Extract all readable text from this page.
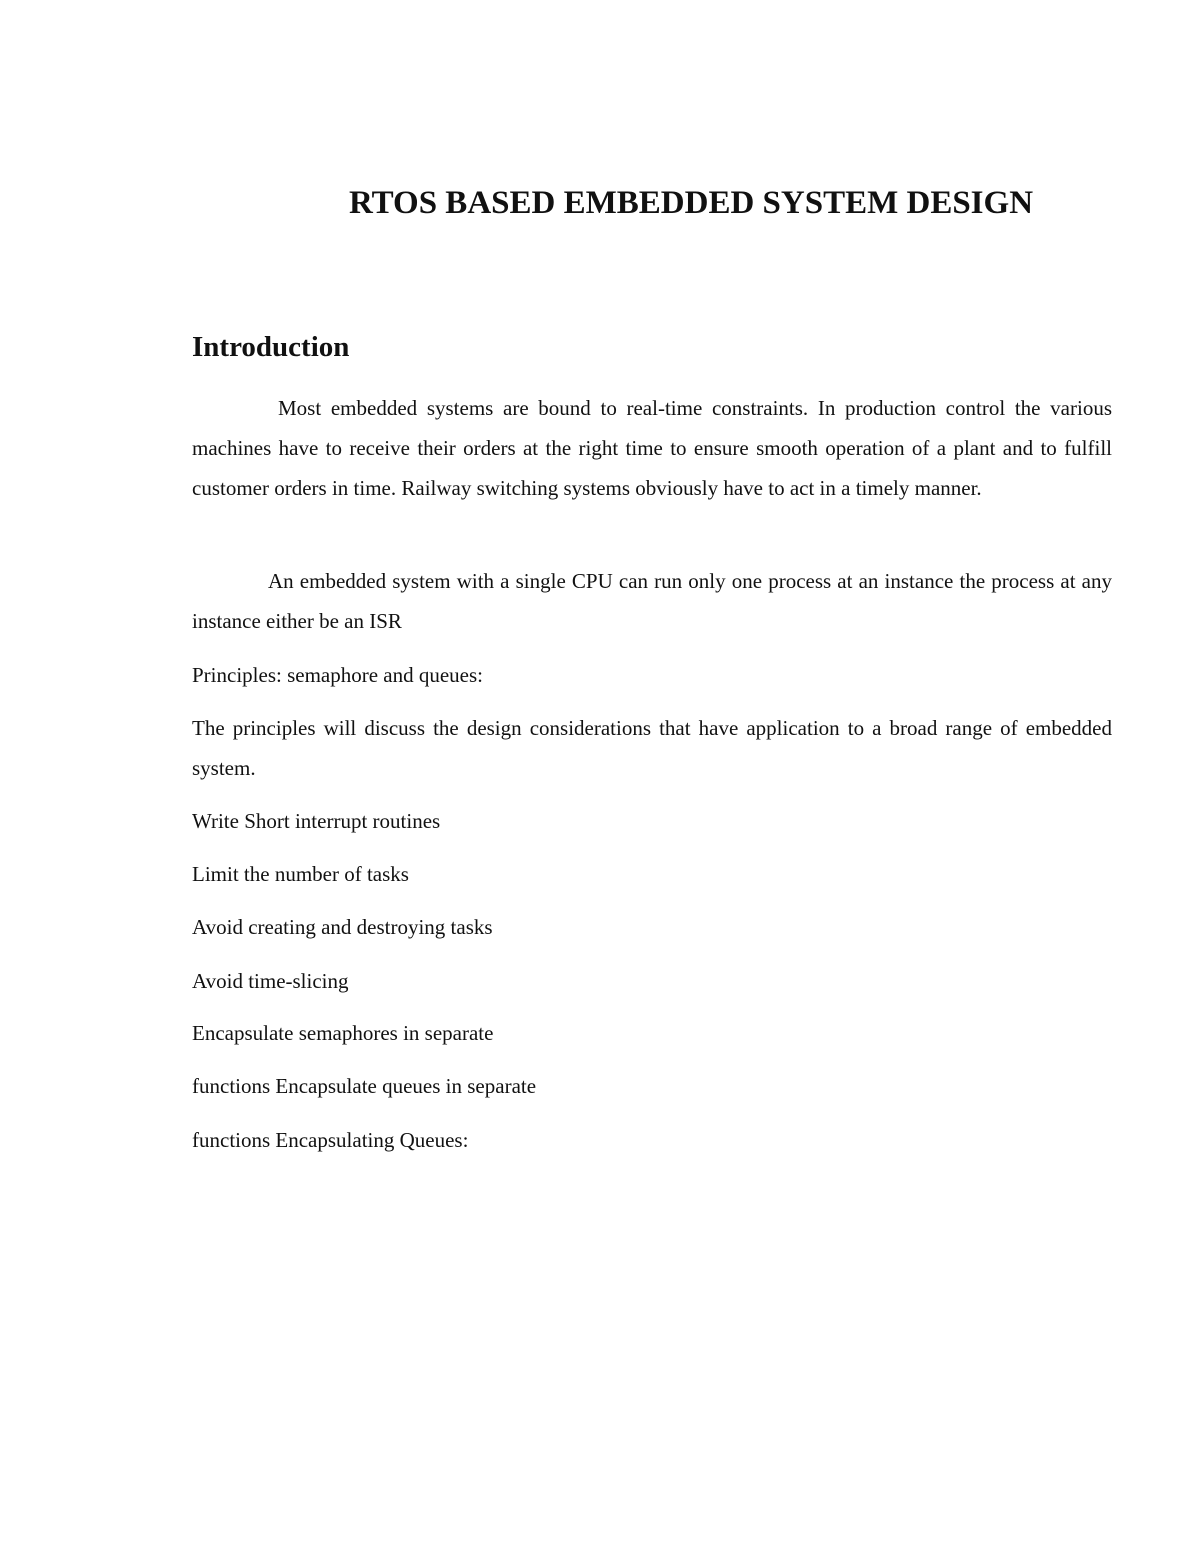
RTOS BASED EMBEDDED SYSTEM DESIGN
Introduction

Most embedded systems are bound to real-time constraints. In production control the various machines have to receive their orders at the right time to ensure smooth operation of a plant and to fulfill customer orders in time. Railway switching systems obviously have to act in a timely manner.

An embedded system with a single CPU can run only one process at an instance the process at any instance either be an ISR

Principles: semaphore and queues:

The principles will discuss the design considerations that have application to a broad range of embedded system.

Write Short interrupt routines

Limit the number of tasks

Avoid creating and destroying tasks

Avoid time-slicing

Encapsulate semaphores in separate

functions Encapsulate queues in separate

functions Encapsulating Queues:
